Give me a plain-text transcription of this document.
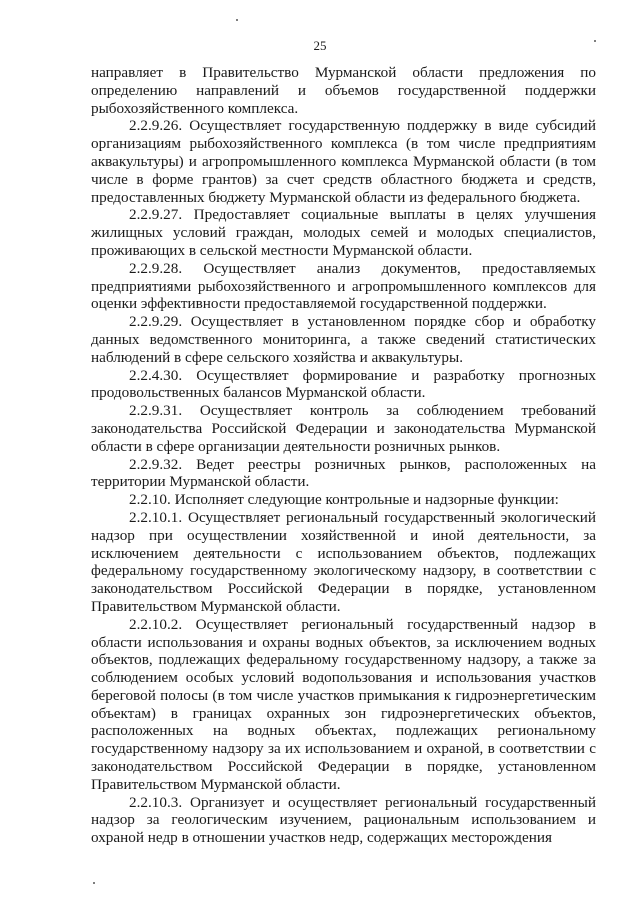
25

направляет в Правительство Мурманской области предложения по определению направлений и объемов государственной поддержки рыбохозяйственного комплекса.

2.2.9.26. Осуществляет государственную поддержку в виде субсидий организациям рыбохозяйственного комплекса (в том числе предприятиям аквакультуры) и агропромышленного комплекса Мурманской области (в том числе в форме грантов) за счет средств областного бюджета и средств, предоставленных бюджету Мурманской области из федерального бюджета.

2.2.9.27. Предоставляет социальные выплаты в целях улучшения жилищных условий граждан, молодых семей и молодых специалистов, проживающих в сельской местности Мурманской области.

2.2.9.28. Осуществляет анализ документов, предоставляемых предприятиями рыбохозяйственного и агропромышленного комплексов для оценки эффективности предоставляемой государственной поддержки.

2.2.9.29. Осуществляет в установленном порядке сбор и обработку данных ведомственного мониторинга, а также сведений статистических наблюдений в сфере сельского хозяйства и аквакультуры.

2.2.4.30. Осуществляет формирование и разработку прогнозных продовольственных балансов Мурманской области.

2.2.9.31. Осуществляет контроль за соблюдением требований законодательства Российской Федерации и законодательства Мурманской области в сфере организации деятельности розничных рынков.

2.2.9.32. Ведет реестры розничных рынков, расположенных на территории Мурманской области.

2.2.10. Исполняет следующие контрольные и надзорные функции:

2.2.10.1. Осуществляет региональный государственный экологический надзор при осуществлении хозяйственной и иной деятельности, за исключением деятельности с использованием объектов, подлежащих федеральному государственному экологическому надзору, в соответствии с законодательством Российской Федерации в порядке, установленном Правительством Мурманской области.

2.2.10.2. Осуществляет региональный государственный надзор в области использования и охраны водных объектов, за исключением водных объектов, подлежащих федеральному государственному надзору, а также за соблюдением особых условий водопользования и использования участков береговой полосы (в том числе участков примыкания к гидроэнергетическим объектам) в границах охранных зон гидроэнергетических объектов, расположенных на водных объектах, подлежащих региональному государственному надзору за их использованием и охраной, в соответствии с законодательством Российской Федерации в порядке, установленном Правительством Мурманской области.

2.2.10.3. Организует и осуществляет региональный государственный надзор за геологическим изучением, рациональным использованием и охраной недр в отношении участков недр, содержащих месторождения
